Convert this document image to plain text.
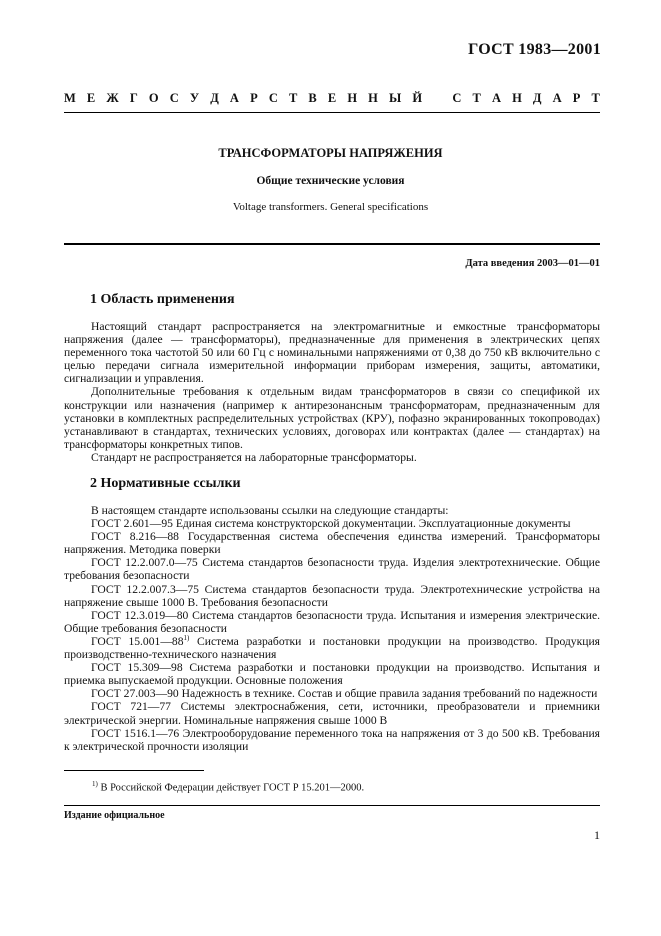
ГОСТ 1983—2001
М Е Ж Г О С У Д А Р С Т В Е Н Н Ы Й С Т А Н Д А Р Т
ТРАНСФОРМАТОРЫ НАПРЯЖЕНИЯ
Общие технические условия
Voltage transformers. General specifications
Дата введения 2003—01—01
1 Область применения

Настоящий стандарт распространяется на электромагнитные и емкостные трансформаторы напряжения (далее — трансформаторы), предназначенные для применения в электрических цепях переменного тока частотой 50 или 60 Гц с номинальными напряжениями от 0,38 до 750 кВ включительно с целью передачи сигнала измерительной информации приборам измерения, защиты, автоматики, сигнализации и управления.

Дополнительные требования к отдельным видам трансформаторов в связи со спецификой их конструкции или назначения (например к антирезонансным трансформаторам, предназначенным для установки в комплектных распределительных устройствах (КРУ), пофазно экранированных токопроводах) устанавливают в стандартах, технических условиях, договорах или контрактах (далее — стандартах) на трансформаторы конкретных типов.

Стандарт не распространяется на лабораторные трансформаторы.

2 Нормативные ссылки

В настоящем стандарте использованы ссылки на следующие стандарты:

ГОСТ 2.601—95 Единая система конструкторской документации. Эксплуатационные документы

ГОСТ 8.216—88 Государственная система обеспечения единства измерений. Трансформаторы напряжения. Методика поверки

ГОСТ 12.2.007.0—75 Система стандартов безопасности труда. Изделия электротехнические. Общие требования безопасности

ГОСТ 12.2.007.3—75 Система стандартов безопасности труда. Электротехнические устройства на напряжение свыше 1000 В. Требования безопасности

ГОСТ 12.3.019—80 Система стандартов безопасности труда. Испытания и измерения электрические. Общие требования безопасности

ГОСТ 15.001—88$^{1)}$ Система разработки и постановки продукции на производство. Продукция производственно-технического назначения

ГОСТ 15.309—98 Система разработки и постановки продукции на производство. Испытания и приемка выпускаемой продукции. Основные положения

ГОСТ 27.003—90 Надежность в технике. Состав и общие правила задания требований по надежности

ГОСТ 721—77 Системы электроснабжения, сети, источники, преобразователи и приемники электрической энергии. Номинальные напряжения свыше 1000 В

ГОСТ 1516.1—76 Электрооборудование переменного тока на напряжения от 3 до 500 кВ. Требования к электрической прочности изоляции

$^{1)}$ В Российской Федерации действует ГОСТ Р 15.201—2000.
Издание официальное
1
